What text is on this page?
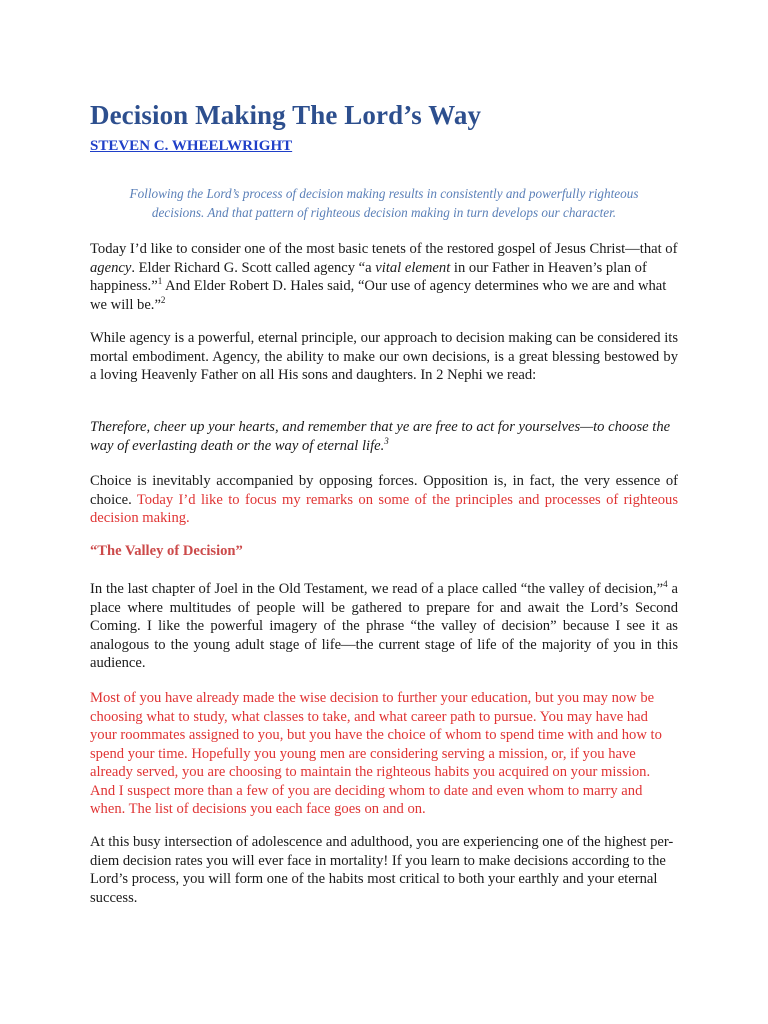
Decision Making The Lord’s Way
STEVEN C. WHEELWRIGHT

Following the Lord’s process of decision making results in consistently and powerfully righteous decisions. And that pattern of righteous decision making in turn develops our character.

Today I’d like to consider one of the most basic tenets of the restored gospel of Jesus Christ—that of agency. Elder Richard G. Scott called agency “a vital element in our Father in Heaven’s plan of happiness.”$^1$ And Elder Robert D. Hales said, “Our use of agency determines who we are and what we will be.”$^2$

While agency is a powerful, eternal principle, our approach to decision making can be considered its mortal embodiment. Agency, the ability to make our own decisions, is a great blessing bestowed by a loving Heavenly Father on all His sons and daughters. In 2 Nephi we read:

Therefore, cheer up your hearts, and remember that ye are free to act for yourselves—to choose the way of everlasting death or the way of eternal life.$^3$

Choice is inevitably accompanied by opposing forces. Opposition is, in fact, the very essence of choice. Today I’d like to focus my remarks on some of the principles and processes of righteous decision making.

“The Valley of Decision”

In the last chapter of Joel in the Old Testament, we read of a place called “the valley of decision,”$^4$ a place where multitudes of people will be gathered to prepare for and await the Lord’s Second Coming. I like the powerful imagery of the phrase “the valley of decision” because I see it as analogous to the young adult stage of life—the current stage of life of the majority of you in this audience.

Most of you have already made the wise decision to further your education, but you may now be choosing what to study, what classes to take, and what career path to pursue. You may have had your roommates assigned to you, but you have the choice of whom to spend time with and how to spend your time. Hopefully you young men are considering serving a mission, or, if you have already served, you are choosing to maintain the righteous habits you acquired on your mission. And I suspect more than a few of you are deciding whom to date and even whom to marry and when. The list of decisions you each face goes on and on.

At this busy intersection of adolescence and adulthood, you are experiencing one of the highest per-diem decision rates you will ever face in mortality! If you learn to make decisions according to the Lord’s process, you will form one of the habits most critical to both your earthly and your eternal success.
